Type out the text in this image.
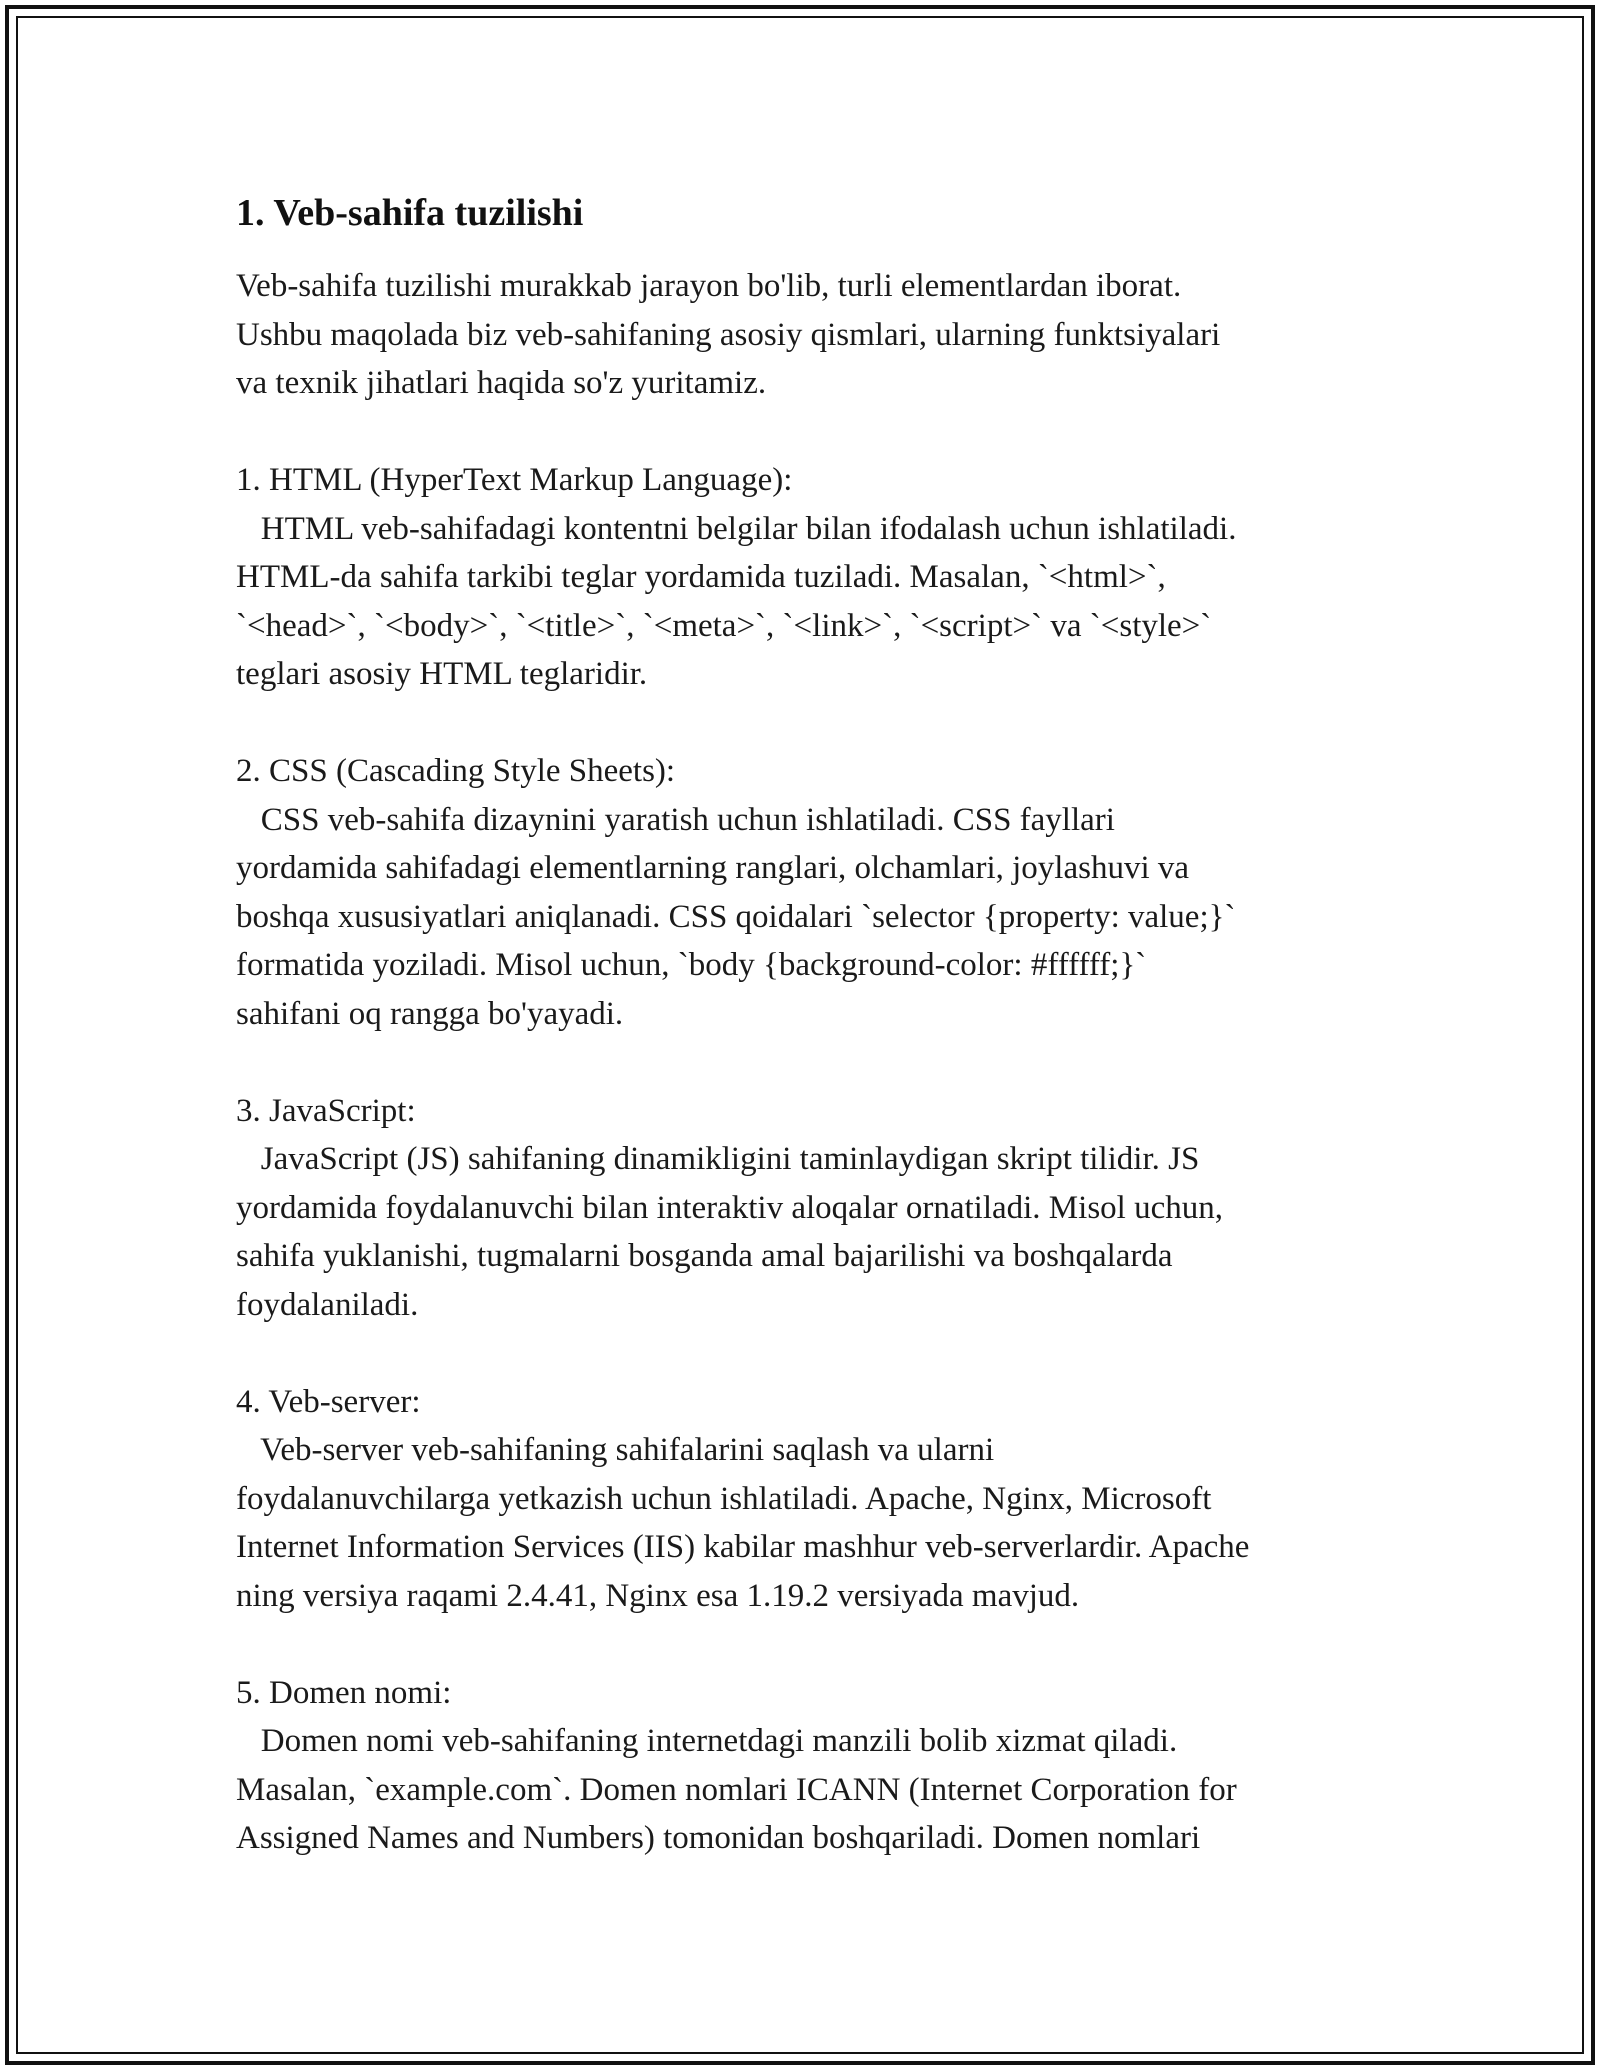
1. Veb-sahifa tuzilishi
Veb-sahifa tuzilishi murakkab jarayon bo'lib, turli elementlardan iborat.
Ushbu maqolada biz veb-sahifaning asosiy qismlari, ularning funktsiyalari
va texnik jihatlari haqida so'z yuritamiz.
1. HTML (HyperText Markup Language):
HTML veb-sahifadagi kontentni belgilar bilan ifodalash uchun ishlatiladi.
HTML-da sahifa tarkibi teglar yordamida tuziladi. Masalan, `<html>`,
`<head>`, `<body>`, `<title>`, `<meta>`, `<link>`, `<script>` va `<style>`
teglari asosiy HTML teglaridir.
2. CSS (Cascading Style Sheets):
CSS veb-sahifa dizaynini yaratish uchun ishlatiladi. CSS fayllari
yordamida sahifadagi elementlarning ranglari, olchamlari, joylashuvi va
boshqa xususiyatlari aniqlanadi. CSS qoidalari `selector {property: value;}`
formatida yoziladi. Misol uchun, `body {background-color: #ffffff;}`
sahifani oq rangga bo'yayadi.
3. JavaScript:
JavaScript (JS) sahifaning dinamikligini taminlaydigan skript tilidir. JS
yordamida foydalanuvchi bilan interaktiv aloqalar ornatiladi. Misol uchun,
sahifa yuklanishi, tugmalarni bosganda amal bajarilishi va boshqalarda
foydalaniladi.
4. Veb-server:
Veb-server veb-sahifaning sahifalarini saqlash va ularni
foydalanuvchilarga yetkazish uchun ishlatiladi. Apache, Nginx, Microsoft
Internet Information Services (IIS) kabilar mashhur veb-serverlardir. Apache
ning versiya raqami 2.4.41, Nginx esa 1.19.2 versiyada mavjud.
5. Domen nomi:
Domen nomi veb-sahifaning internetdagi manzili bolib xizmat qiladi.
Masalan, `example.com`. Domen nomlari ICANN (Internet Corporation for
Assigned Names and Numbers) tomonidan boshqariladi. Domen nomlari
